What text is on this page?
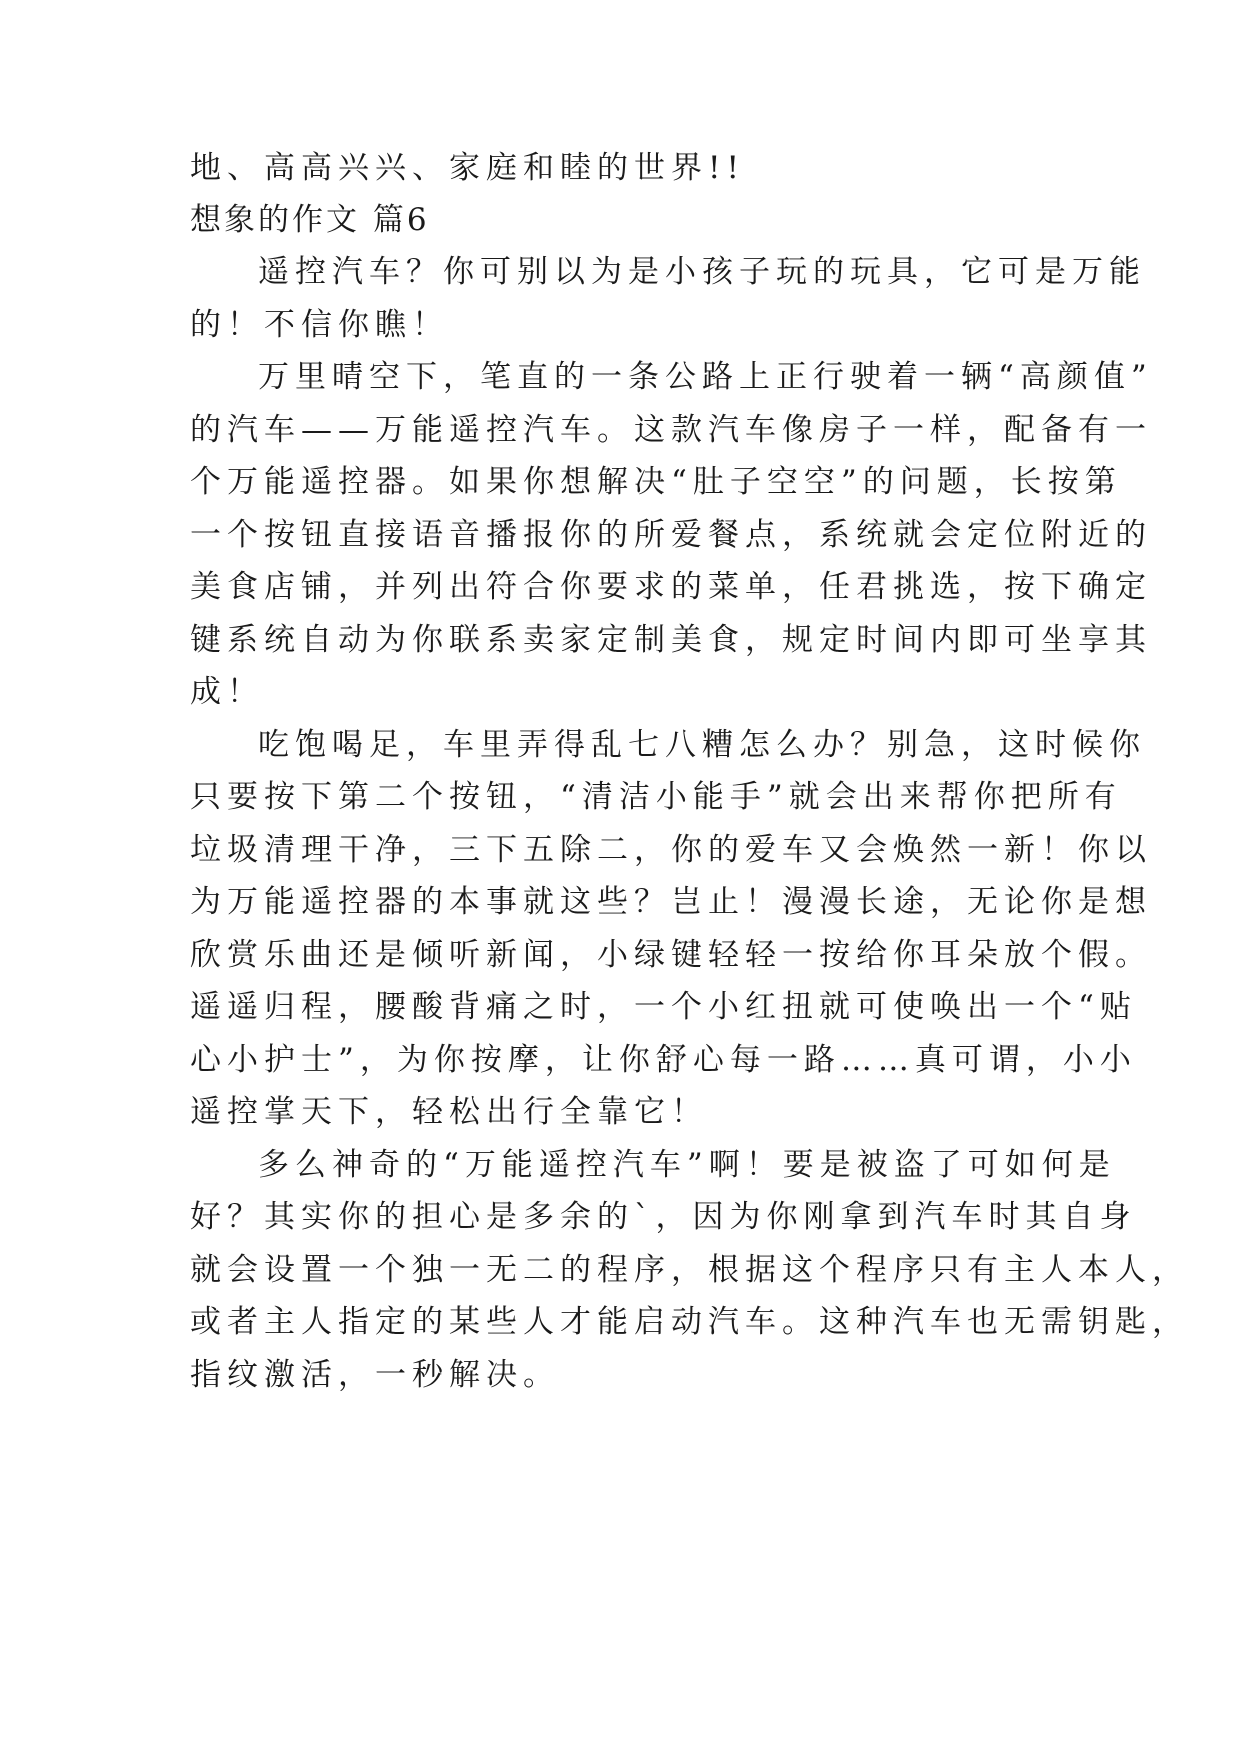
地、高高兴兴、家庭和睦的世界!!
想象的作文 篇6
遥控汽车？你可别以为是小孩子玩的玩具，它可是万能
的！不信你瞧！
万里晴空下，笔直的一条公路上正行驶着一辆“高颜值”
的汽车——万能遥控汽车。这款汽车像房子一样，配备有一
个万能遥控器。如果你想解决“肚子空空”的问题，长按第
一个按钮直接语音播报你的所爱餐点，系统就会定位附近的
美食店铺，并列出符合你要求的菜单，任君挑选，按下确定
键系统自动为你联系卖家定制美食，规定时间内即可坐享其
成！
吃饱喝足，车里弄得乱七八糟怎么办？别急，这时候你
只要按下第二个按钮，“清洁小能手”就会出来帮你把所有
垃圾清理干净，三下五除二，你的爱车又会焕然一新！你以
为万能遥控器的本事就这些？岂止！漫漫长途，无论你是想
欣赏乐曲还是倾听新闻，小绿键轻轻一按给你耳朵放个假。
遥遥归程，腰酸背痛之时，一个小红扭就可使唤出一个“贴
心小护士”，为你按摩，让你舒心每一路……真可谓，小小
遥控掌天下，轻松出行全靠它！
多么神奇的“万能遥控汽车”啊！要是被盗了可如何是
好？其实你的担心是多余的`，因为你刚拿到汽车时其自身
就会设置一个独一无二的程序，根据这个程序只有主人本人，
或者主人指定的某些人才能启动汽车。这种汽车也无需钥匙，
指纹激活，一秒解决。
